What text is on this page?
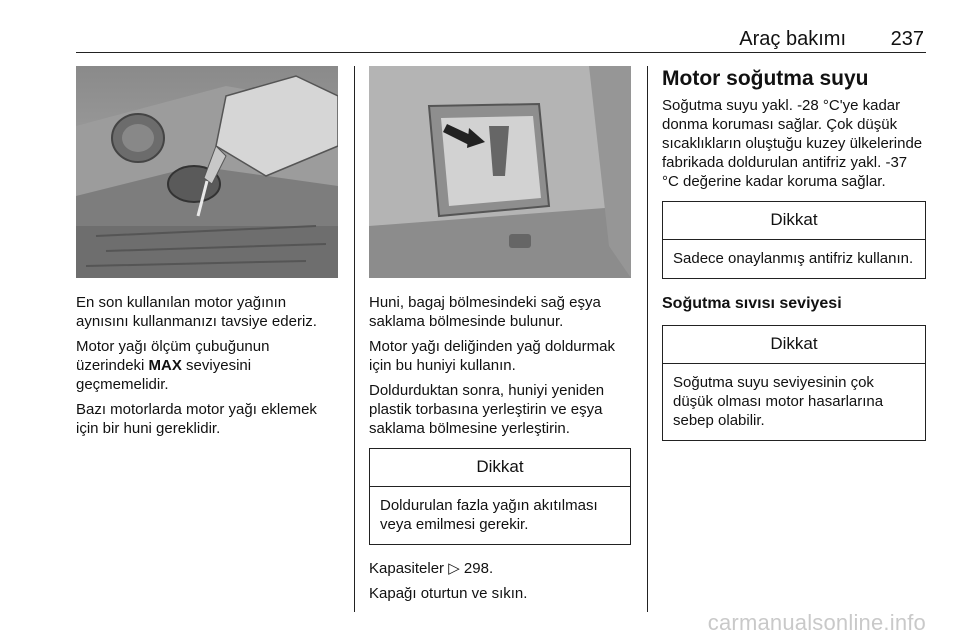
Araç bakımı 237

En son kullanılan motor yağının aynısını kullanmanızı tavsiye ederiz.

Motor yağı ölçüm çubuğunun üzerindeki MAX seviyesini geçmemelidir.

Bazı motorlarda motor yağı eklemek için bir huni gereklidir.

Huni, bagaj bölmesindeki sağ eşya saklama bölmesinde bulunur.

Motor yağı deliğinden yağ doldurmak için bu huniyi kullanın.

Doldurduktan sonra, huniyi yeniden plastik torbasına yerleştirin ve eşya saklama bölmesine yerleştirin.

Dikkat
Doldurulan fazla yağın akıtılması veya emilmesi gerekir.

Kapasiteler ▷ 298.

Kapağı oturtun ve sıkın.

Motor soğutma suyu

Soğutma suyu yakl. -28 °C'ye kadar donma koruması sağlar. Çok düşük sıcaklıkların oluştuğu kuzey ülkelerinde fabrikada doldurulan antifriz yakl. -37 °C değerine kadar koruma sağlar.

Dikkat
Sadece onaylanmış antifriz kullanın.
Soğutma sıvısı seviyesi
Dikkat
Soğutma suyu seviyesinin çok düşük olması motor hasarlarına sebep olabilir.
carmanualsonline.info
